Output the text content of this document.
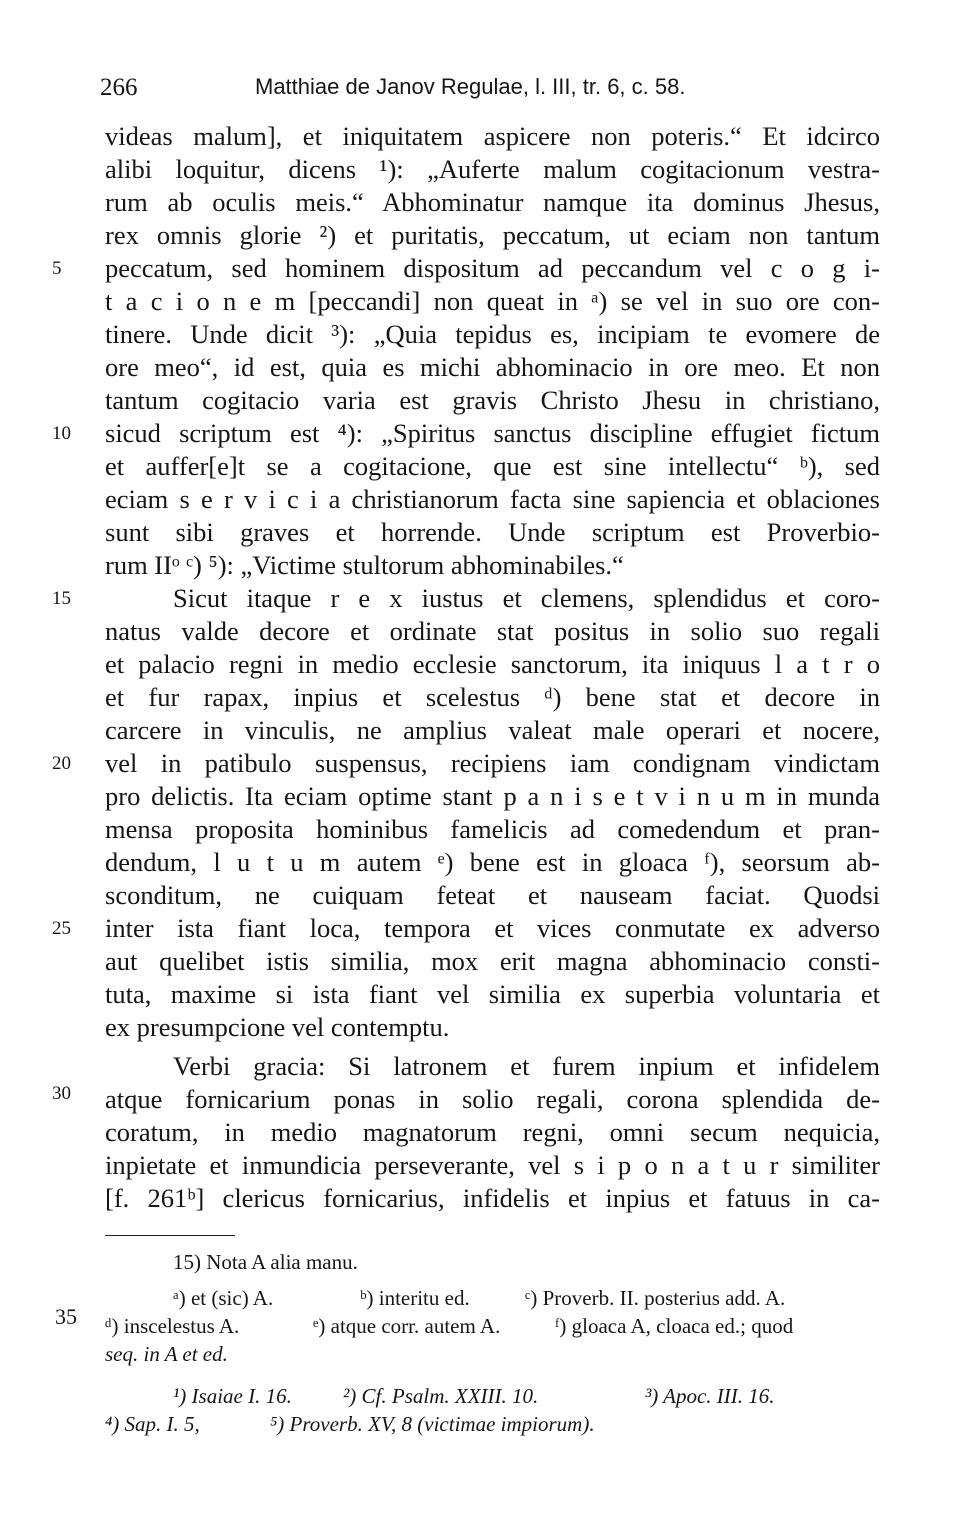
266	Matthiae de Janov Regulae, l. III, tr. 6, c. 58.
5
10
15
20
25
30
videas malum], et iniquitatem aspicere non poteris.“ Et idcirco
alibi loquitur, dicens ¹): „Auferte malum cogitacionum vestra-
rum ab oculis meis.“ Abhominatur namque ita dominus Jhesus,
rex omnis glorie ²) et puritatis, peccatum, ut eciam non tantum
peccatum, sed hominem dispositum ad peccandum vel c o g i-
t a c i o n e m [peccandi] non queat in ᵃ) se vel in suo ore con-
tinere. Unde dicit ³): „Quia tepidus es, incipiam te evomere de
ore meo“, id est, quia es michi abhominacio in ore meo. Et non
tantum cogitacio varia est gravis Christo Jhesu in christiano,
sicud scriptum est ⁴): „Spiritus sanctus discipline effugiet fictum
et auffer[e]t se a cogitacione, que est sine intellectu“ ᵇ), sed
eciam s e r v i c i a christianorum facta sine sapiencia et oblaciones
sunt sibi graves et horrende. Unde scriptum est Proverbio-
rum IIᵒ ᶜ) ⁵): „Victime stultorum abhominabiles.“
Sicut itaque r e x iustus et clemens, splendidus et coro-
natus valde decore et ordinate stat positus in solio suo regali
et palacio regni in medio ecclesie sanctorum, ita iniquus l a t r o
et fur rapax, inpius et scelestus ᵈ) bene stat et decore in
carcere in vinculis, ne amplius valeat male operari et nocere,
vel in patibulo suspensus, recipiens iam condignam vindictam
pro delictis. Ita eciam optime stant p a n i s e t v i n u m in munda
mensa proposita hominibus famelicis ad comedendum et pran-
dendum, l u t u m autem ᵉ) bene est in gloaca ᶠ), seorsum ab-
sconditum, ne cuiquam feteat et nauseam faciat. Quodsi
inter ista fiant loca, tempora et vices conmutate ex adverso
aut quelibet istis similia, mox erit magna abhominacio consti-
tuta, maxime si ista fiant vel similia ex superbia voluntaria et
ex presumpcione vel contemptu.
Verbi gracia: Si latronem et furem inpium et infidelem
atque fornicarium ponas in solio regali, corona splendida de-
coratum, in medio magnatorum regni, omni secum nequicia,
inpietate et inmundicia perseverante, vel s i p o n a t u r similiter
[f. 261ᵇ] clericus fornicarius, infidelis et inpius et fatuus in ca-
15) Nota A alia manu.
ᵃ) et (sic) A.	ᵇ) interitu ed.	ᶜ) Proverb. II. posterius add. A.
ᵈ) inscelestus A.	ᵉ) atque corr. autem A.	ᶠ) gloaca A, cloaca ed.; quod
seq. in A et ed.
¹) Isaiae I. 16. ²) Cf. Psalm. XXIII. 10.	³) Apoc. III. 16.
⁴) Sap. I. 5,	⁵) Proverb. XV, 8 (victimae impiorum).
35
